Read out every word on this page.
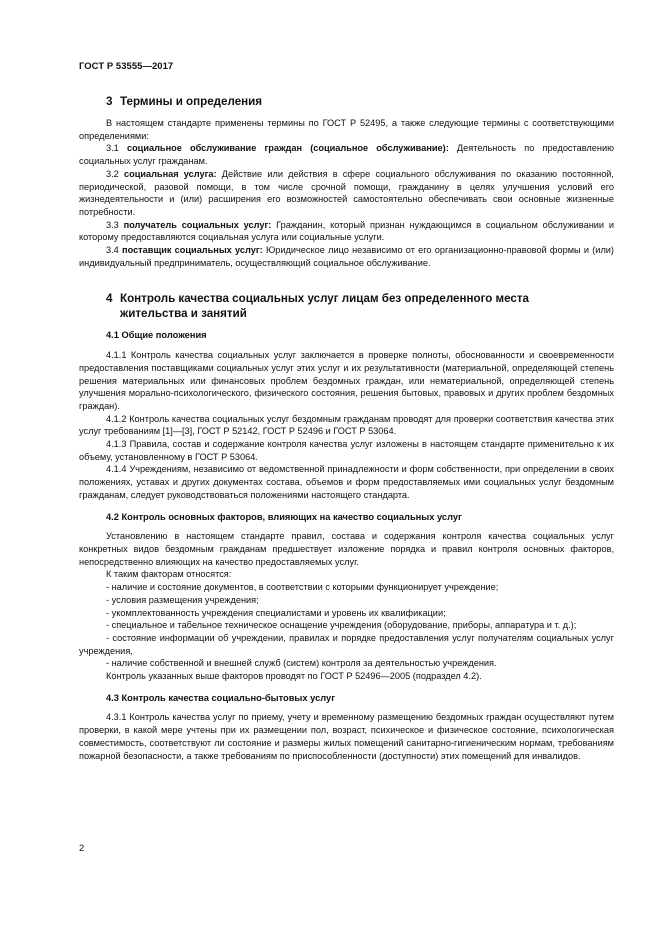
ГОСТ Р 53555—2017
3 Термины и определения

В настоящем стандарте применены термины по ГОСТ Р 52495, а также следующие термины с соответствующими определениями:

3.1 социальное обслуживание граждан (социальное обслуживание): Деятельность по предоставлению социальных услуг гражданам.

3.2 социальная услуга: Действие или действия в сфере социального обслуживания по оказанию постоянной, периодической, разовой помощи, в том числе срочной помощи, гражданину в целях улучшения условий его жизнедеятельности и (или) расширения его возможностей самостоятельно обеспечивать свои основные жизненные потребности.

3.3 получатель социальных услуг: Гражданин, который признан нуждающимся в социальном обслуживании и которому предоставляются социальная услуга или социальные услуги.

3.4 поставщик социальных услуг: Юридическое лицо независимо от его организационно-правовой формы и (или) индивидуальный предприниматель, осуществляющий социальное обслуживание.

4 Контроль качества социальных услуг лицам без определенного места
жительства и занятий
4.1 Общие положения

4.1.1 Контроль качества социальных услуг заключается в проверке полноты, обоснованности и своевременности предоставления поставщиками социальных услуг этих услуг и их результативности (материальной, определяющей степень решения материальных или финансовых проблем бездомных граждан, или нематериальной, определяющей степень улучшения морально-психологического, физического состояния, решения бытовых, правовых и других проблем бездомных граждан).

4.1.2 Контроль качества социальных услуг бездомным гражданам проводят для проверки соответствия качества этих услуг требованиям [1]—[3], ГОСТ Р 52142, ГОСТ Р 52496 и ГОСТ Р 53064.

4.1.3 Правила, состав и содержание контроля качества услуг изложены в настоящем стандарте применительно к их объему, установленному в ГОСТ Р 53064.

4.1.4 Учреждениям, независимо от ведомственной принадлежности и форм собственности, при определении в своих положениях, уставах и других документах состава, объемов и форм предоставляемых ими социальных услуг бездомным гражданам, следует руководствоваться положениями настоящего стандарта.

4.2 Контроль основных факторов, влияющих на качество социальных услуг

Установлению в настоящем стандарте правил, состава и содержания контроля качества социальных услуг конкретных видов бездомным гражданам предшествует изложение порядка и правил контроля основных факторов, непосредственно влияющих на качество предоставляемых услуг.

К таким факторам относятся:

- наличие и состояние документов, в соответствии с которыми функционирует учреждение;

- условия размещения учреждения;

- укомплектованность учреждения специалистами и уровень их квалификации;

- специальное и табельное техническое оснащение учреждения (оборудование, приборы, аппаратура и т. д.);

- состояние информации об учреждении, правилах и порядке предоставления услуг получателям социальных услуг учреждения,

- наличие собственной и внешней служб (систем) контроля за деятельностью учреждения.

Контроль указанных выше факторов проводят по ГОСТ Р 52496—2005 (подраздел 4.2).

4.3 Контроль качества социально-бытовых услуг

4.3.1 Контроль качества услуг по приему, учету и временному размещению бездомных граждан осуществляют путем проверки, в какой мере учтены при их размещении пол, возраст, психическое и физическое состояние, психологическая совместимость, соответствуют ли состояние и размеры жилых помещений санитарно-гигиеническим нормам, требованиям пожарной безопасности, а также требованиям по приспособленности (доступности) этих помещений для инвалидов.

2
